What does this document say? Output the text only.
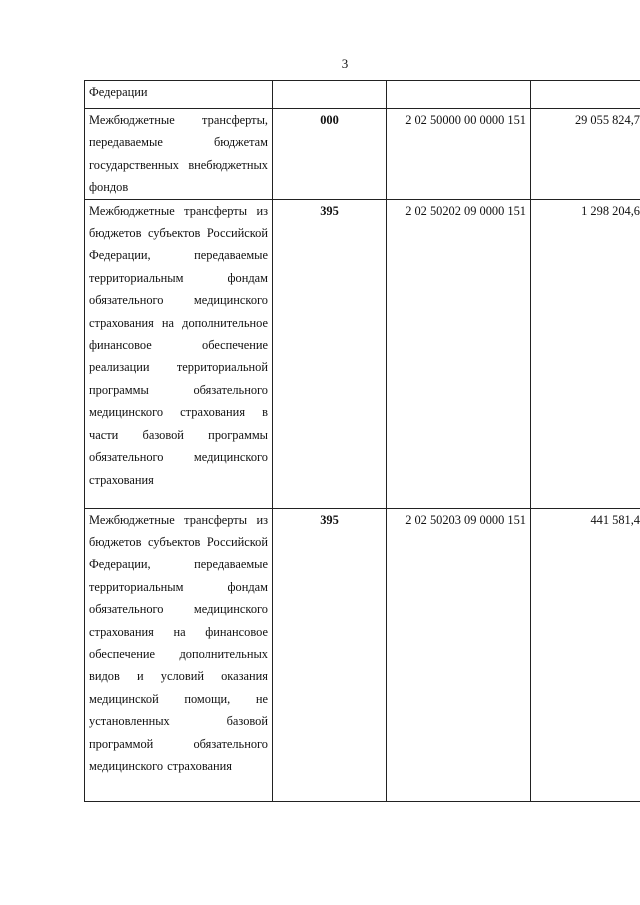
3
Федерации			
Межбюджетные трансферты, передаваемые бюджетам государственных внебюджетных фондов	000	2 02 50000 00 0000 151	29 055 824,7
Межбюджетные трансферты из бюджетов субъектов Российской Федерации, передаваемые территориальным фондам обязательного медицинского страхования на дополнительное финансовое обеспечение реализации территориальной программы обязательного медицинского страхования в части базовой программы обязательного медицинского страхования	395	2 02 50202 09 0000 151	1 298 204,6
Межбюджетные трансферты из бюджетов субъектов Российской Федерации, передаваемые территориальным фондам обязательного медицинского страхования на финансовое обеспечение дополнительных видов и условий оказания медицинской помощи, не установленных базовой программой обязательного медицинского страхования	395	2 02 50203 09 0000 151	441 581,4
